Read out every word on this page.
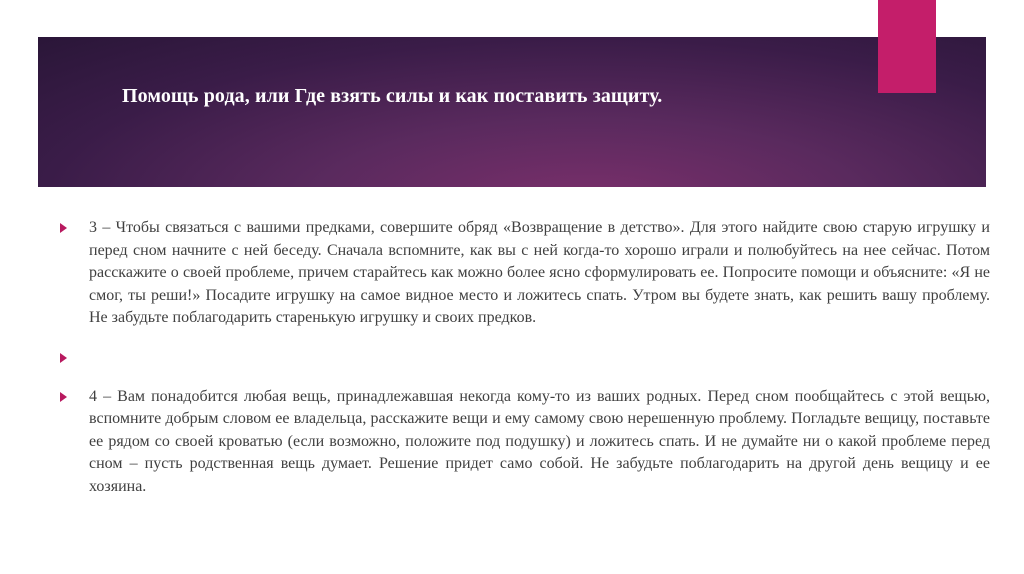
Помощь рода, или Где взять силы и как поставить защиту.
3 – Чтобы связаться с вашими предками, совершите обряд «Возвращение в детство». Для этого найдите свою старую игрушку и перед сном начните с ней беседу. Сначала вспомните, как вы с ней когда-то хорошо играли и полюбуйтесь на нее сейчас. Потом расскажите о своей проблеме, причем старайтесь как можно более ясно сформулировать ее. Попросите помощи и объясните: «Я не смог, ты реши!» Посадите игрушку на самое видное место и ложитесь спать. Утром вы будете знать, как решить вашу проблему. Не забудьте поблагодарить старенькую игрушку и своих предков.
4 – Вам понадобится любая вещь, принадлежавшая некогда кому-то из ваших родных. Перед сном пообщайтесь с этой вещью, вспомните добрым словом ее владельца, расскажите вещи и ему самому свою нерешенную проблему. Погладьте вещицу, поставьте ее рядом со своей кроватью (если возможно, положите под подушку) и ложитесь спать. И не думайте ни о какой проблеме перед сном – пусть родственная вещь думает. Решение придет само собой. Не забудьте поблагодарить на другой день вещицу и ее хозяина.
